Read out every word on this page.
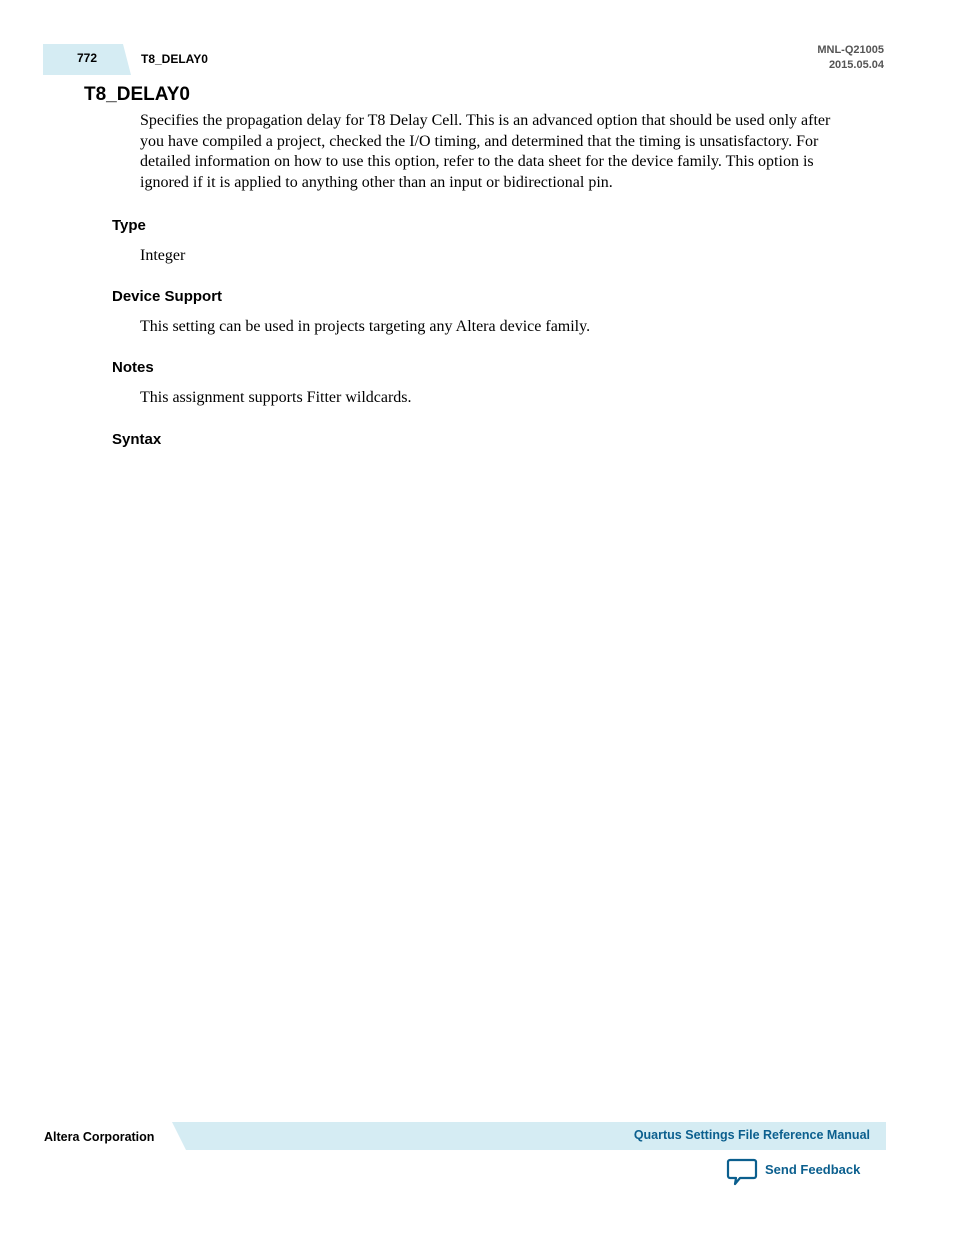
772	T8_DELAY0
MNL-Q21005
2015.05.04
T8_DELAY0
Specifies the propagation delay for T8 Delay Cell. This is an advanced option that should be used only after you have compiled a project, checked the I/O timing, and determined that the timing is unsatisfactory. For detailed information on how to use this option, refer to the data sheet for the device family. This option is ignored if it is applied to anything other than an input or bidirectional pin.
Type
Integer
Device Support
This setting can be used in projects targeting any Altera device family.
Notes
This assignment supports Fitter wildcards.
Syntax
Altera Corporation	Quartus Settings File Reference Manual
Send Feedback
